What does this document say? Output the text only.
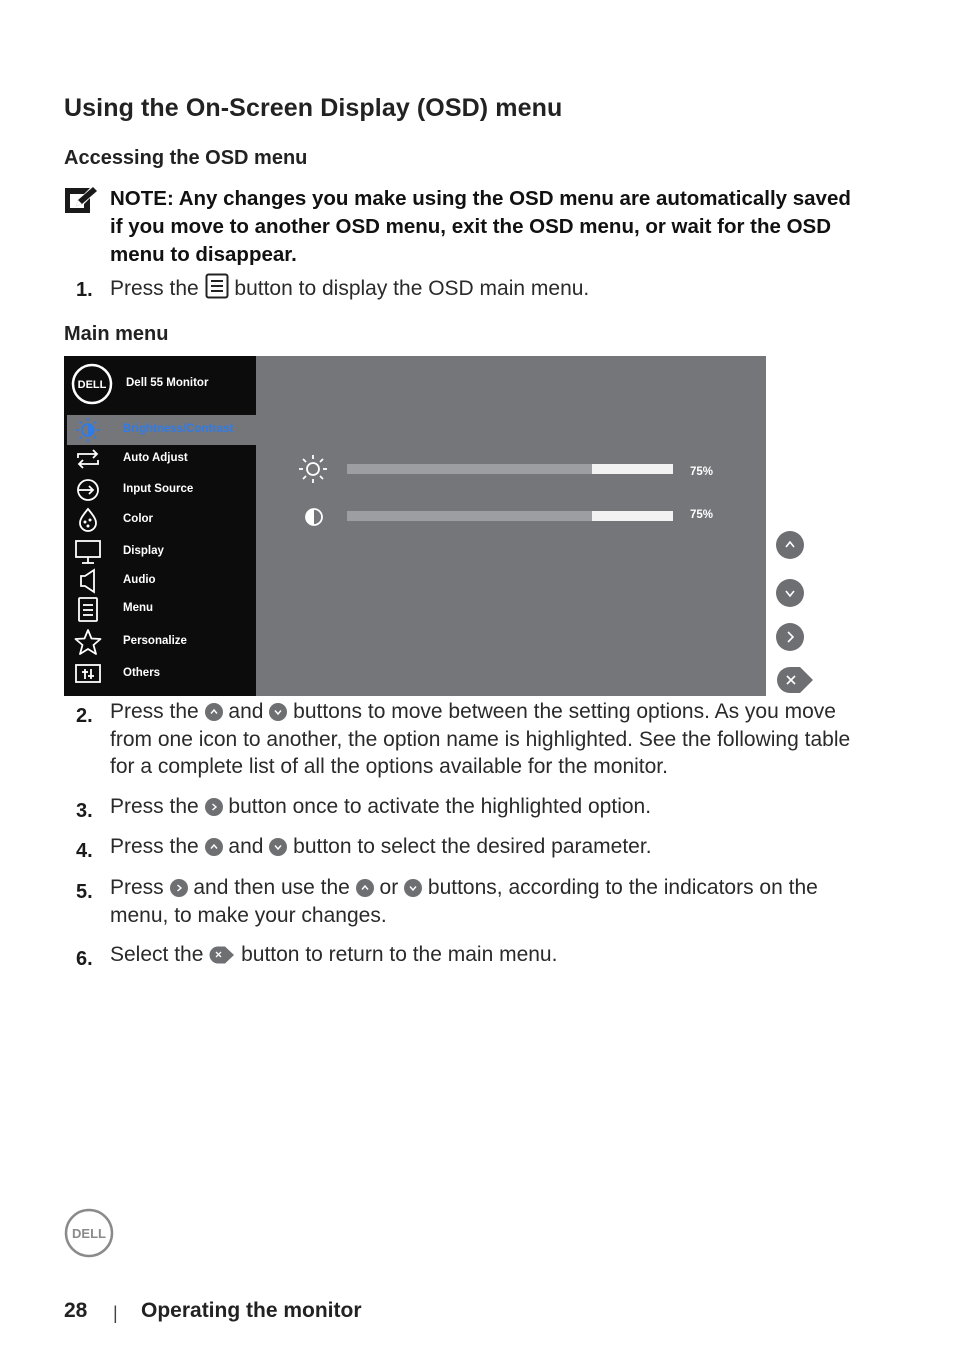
Using the On-Screen Display (OSD) menu
Accessing the OSD menu
NOTE: Any changes you make using the OSD menu are automatically saved if you move to another OSD menu, exit the OSD menu, or wait for the OSD menu to disappear.
1. Press the button to display the OSD main menu.
Main menu
DELL Dell 55 Monitor
Brightness/Contrast
Auto Adjust
Input Source
Color
Display
Audio
Menu
Personalize
Others
75%
75%
2. Press the and buttons to move between the setting options. As you move from one icon to another, the option name is highlighted. See the following table for a complete list of all the options available for the monitor.
3. Press the button once to activate the highlighted option.
4. Press the and
button to select the desired parameter.
5. Press and then use the or buttons, according to the indicators on the menu, to make your changes.
6. Select the button to return to the main menu.
DELL
28 | Operating the monitor
